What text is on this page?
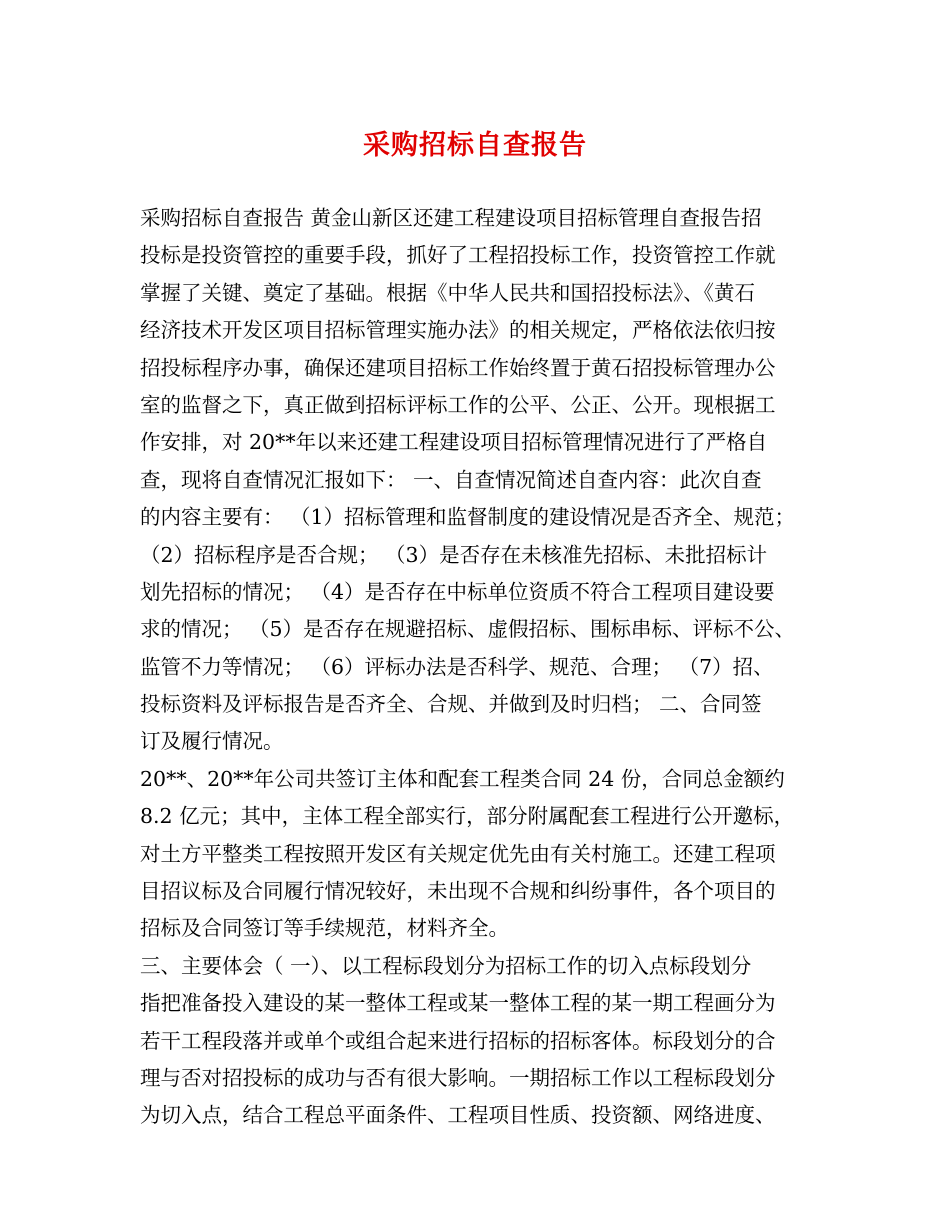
采购招标自查报告
采购招标自查报告 黄金山新区还建工程建设项目招标管理自查报告招
投标是投资管控的重要手段，抓好了工程招投标工作，投资管控工作就
掌握了关键、奠定了基础。根据《中华人民共和国招投标法》、《黄石
经济技术开发区项目招标管理实施办法》的相关规定，严格依法依归按
招投标程序办事，确保还建项目招标工作始终置于黄石招投标管理办公
室的监督之下，真正做到招标评标工作的公平、公正、公开。现根据工
作安排，对 20**年以来还建工程建设项目招标管理情况进行了严格自
查，现将自查情况汇报如下： 一、自查情况简述自查内容：此次自查
的内容主要有： （1）招标管理和监督制度的建设情况是否齐全、规范；
（2）招标程序是否合规； （3）是否存在未核准先招标、未批招标计
划先招标的情况； （4）是否存在中标单位资质不符合工程项目建设要
求的情况； （5）是否存在规避招标、虚假招标、围标串标、评标不公、
监管不力等情况； （6）评标办法是否科学、规范、合理； （7）招、
投标资料及评标报告是否齐全、合规、并做到及时归档； 二、合同签
订及履行情况。
20**、20**年公司共签订主体和配套工程类合同 24 份，合同总金额约
8.2 亿元；其中，主体工程全部实行，部分附属配套工程进行公开邀标，
对土方平整类工程按照开发区有关规定优先由有关村施工。还建工程项
目招议标及合同履行情况较好，未出现不合规和纠纷事件，各个项目的
招标及合同签订等手续规范，材料齐全。
三、主要体会（ 一）、以工程标段划分为招标工作的切入点标段划分
指把准备投入建设的某一整体工程或某一整体工程的某一期工程画分为
若干工程段落并或单个或组合起来进行招标的招标客体。标段划分的合
理与否对招投标的成功与否有很大影响。一期招标工作以工程标段划分
为切入点，结合工程总平面条件、工程项目性质、投资额、网络进度、
